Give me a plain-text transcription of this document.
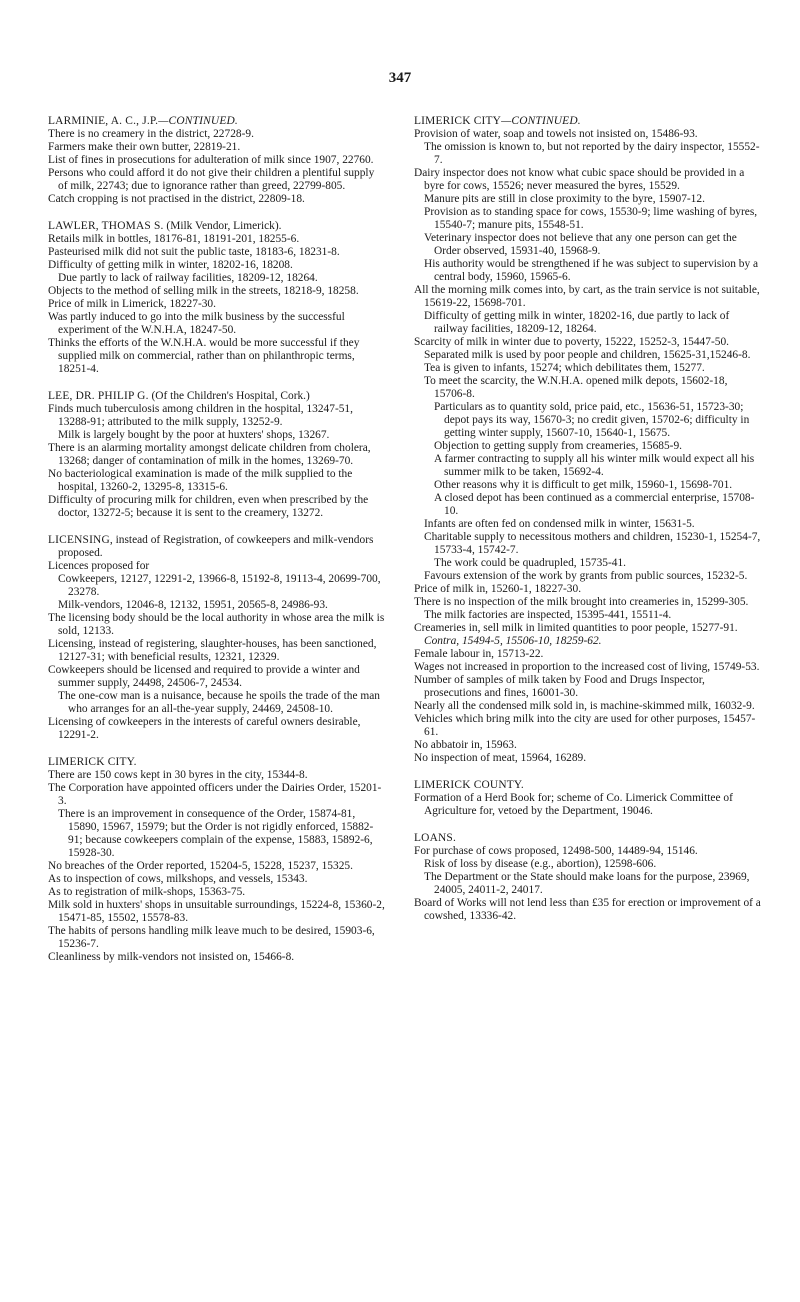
347
LARMINIE, A. C., J.P.—CONTINUED.
There is no creamery in the district, 22728-9.
Farmers make their own butter, 22819-21.
List of fines in prosecutions for adulteration of milk since 1907, 22760.
Persons who could afford it do not give their children a plentiful supply of milk, 22743; due to ignorance rather than greed, 22799-805.
Catch cropping is not practised in the district, 22809-18.
LAWLER, THOMAS S. (Milk Vendor, Limerick).
Retails milk in bottles, 18176-81, 18191-201, 18255-6.
Pasteurised milk did not suit the public taste, 18183-6, 18231-8.
Difficulty of getting milk in winter, 18202-16, 18208.
Due partly to lack of railway facilities, 18209-12, 18264.
Objects to the method of selling milk in the streets, 18218-9, 18258.
Price of milk in Limerick, 18227-30.
Was partly induced to go into the milk business by the successful experiment of the W.N.H.A, 18247-50.
Thinks the efforts of the W.N.H.A. would be more successful if they supplied milk on commercial, rather than on philanthropic terms, 18251-4.
LEE, DR. PHILIP G. (Of the Children's Hospital, Cork.)
Finds much tuberculosis among children in the hospital, 13247-51, 13288-91; attributed to the milk supply, 13252-9.
Milk is largely bought by the poor at huxters' shops, 13267.
There is an alarming mortality amongst delicate children from cholera, 13268; danger of contamination of milk in the homes, 13269-70.
No bacteriological examination is made of the milk supplied to the hospital, 13260-2, 13295-8, 13315-6.
Difficulty of procuring milk for children, even when prescribed by the doctor, 13272-5; because it is sent to the creamery, 13272.
LICENSING, instead of Registration, of cowkeepers and milk-vendors proposed.
Licences proposed for
Cowkeepers, 12127, 12291-2, 13966-8, 15192-8, 19113-4, 20699-700, 23278.
Milk-vendors, 12046-8, 12132, 15951, 20565-8, 24986-93.
The licensing body should be the local authority in whose area the milk is sold, 12133.
Licensing, instead of registering, slaughter-houses, has been sanctioned, 12127-31; with beneficial results, 12321, 12329.
Cowkeepers should be licensed and required to provide a winter and summer supply, 24498, 24506-7, 24534.
The one-cow man is a nuisance, because he spoils the trade of the man who arranges for an all-the-year supply, 24469, 24508-10.
Licensing of cowkeepers in the interests of careful owners desirable, 12291-2.
LIMERICK CITY.
There are 150 cows kept in 30 byres in the city, 15344-8.
The Corporation have appointed officers under the Dairies Order, 15201-3.
There is an improvement in consequence of the Order, 15874-81, 15890, 15967, 15979; but the Order is not rigidly enforced, 15882-91; because cowkeepers complain of the expense, 15883, 15892-6, 15928-30.
No breaches of the Order reported, 15204-5, 15228, 15237, 15325.
As to inspection of cows, milkshops, and vessels, 15343.
As to registration of milk-shops, 15363-75.
Milk sold in huxters' shops in unsuitable surroundings, 15224-8, 15360-2, 15471-85, 15502, 15578-83.
The habits of persons handling milk leave much to be desired, 15903-6, 15236-7.
Cleanliness by milk-vendors not insisted on, 15466-8.
LIMERICK CITY—CONTINUED.
Provision of water, soap and towels not insisted on, 15486-93.
The omission is known to, but not reported by the dairy inspector, 15552-7.
Dairy inspector does not know what cubic space should be provided in a byre for cows, 15526; never measured the byres, 15529.
Manure pits are still in close proximity to the byre, 15907-12.
Provision as to standing space for cows, 15530-9; lime washing of byres, 15540-7; manure pits, 15548-51.
Veterinary inspector does not believe that any one person can get the Order observed, 15931-40, 15968-9.
His authority would be strengthened if he was subject to supervision by a central body, 15960, 15965-6.
All the morning milk comes into, by cart, as the train service is not suitable, 15619-22, 15698-701.
Difficulty of getting milk in winter, 18202-16, due partly to lack of railway facilities, 18209-12, 18264.
Scarcity of milk in winter due to poverty, 15222, 15252-3, 15447-50.
Separated milk is used by poor people and children, 15625-31,15246-8.
Tea is given to infants, 15274; which debilitates them, 15277.
To meet the scarcity, the W.N.H.A. opened milk depots, 15602-18, 15706-8.
Particulars as to quantity sold, price paid, etc., 15636-51, 15723-30; depot pays its way, 15670-3; no credit given, 15702-6; difficulty in getting winter supply, 15607-10, 15640-1, 15675.
Objection to getting supply from creameries, 15685-9.
A farmer contracting to supply all his winter milk would expect all his summer milk to be taken, 15692-4.
Other reasons why it is difficult to get milk, 15960-1, 15698-701.
A closed depot has been continued as a commercial enterprise, 15708-10.
Infants are often fed on condensed milk in winter, 15631-5.
Charitable supply to necessitous mothers and children, 15230-1, 15254-7, 15733-4, 15742-7.
The work could be quadrupled, 15735-41.
Favours extension of the work by grants from public sources, 15232-5.
Price of milk in, 15260-1, 18227-30.
There is no inspection of the milk brought into creameries in, 15299-305.
The milk factories are inspected, 15395-441, 15511-4.
Creameries in, sell milk in limited quantities to poor people, 15277-91.
Contra, 15494-5, 15506-10, 18259-62.
Female labour in, 15713-22.
Wages not increased in proportion to the increased cost of living, 15749-53.
Number of samples of milk taken by Food and Drugs Inspector, prosecutions and fines, 16001-30.
Nearly all the condensed milk sold in, is machine-skimmed milk, 16032-9.
Vehicles which bring milk into the city are used for other purposes, 15457-61.
No abbatoir in, 15963.
No inspection of meat, 15964, 16289.
LIMERICK COUNTY.
Formation of a Herd Book for; scheme of Co. Limerick Committee of Agriculture for, vetoed by the Department, 19046.
LOANS.
For purchase of cows proposed, 12498-500, 14489-94, 15146.
Risk of loss by disease (e.g., abortion), 12598-606.
The Department or the State should make loans for the purpose, 23969, 24005, 24011-2, 24017.
Board of Works will not lend less than £35 for erection or improvement of a cowshed, 13336-42.
